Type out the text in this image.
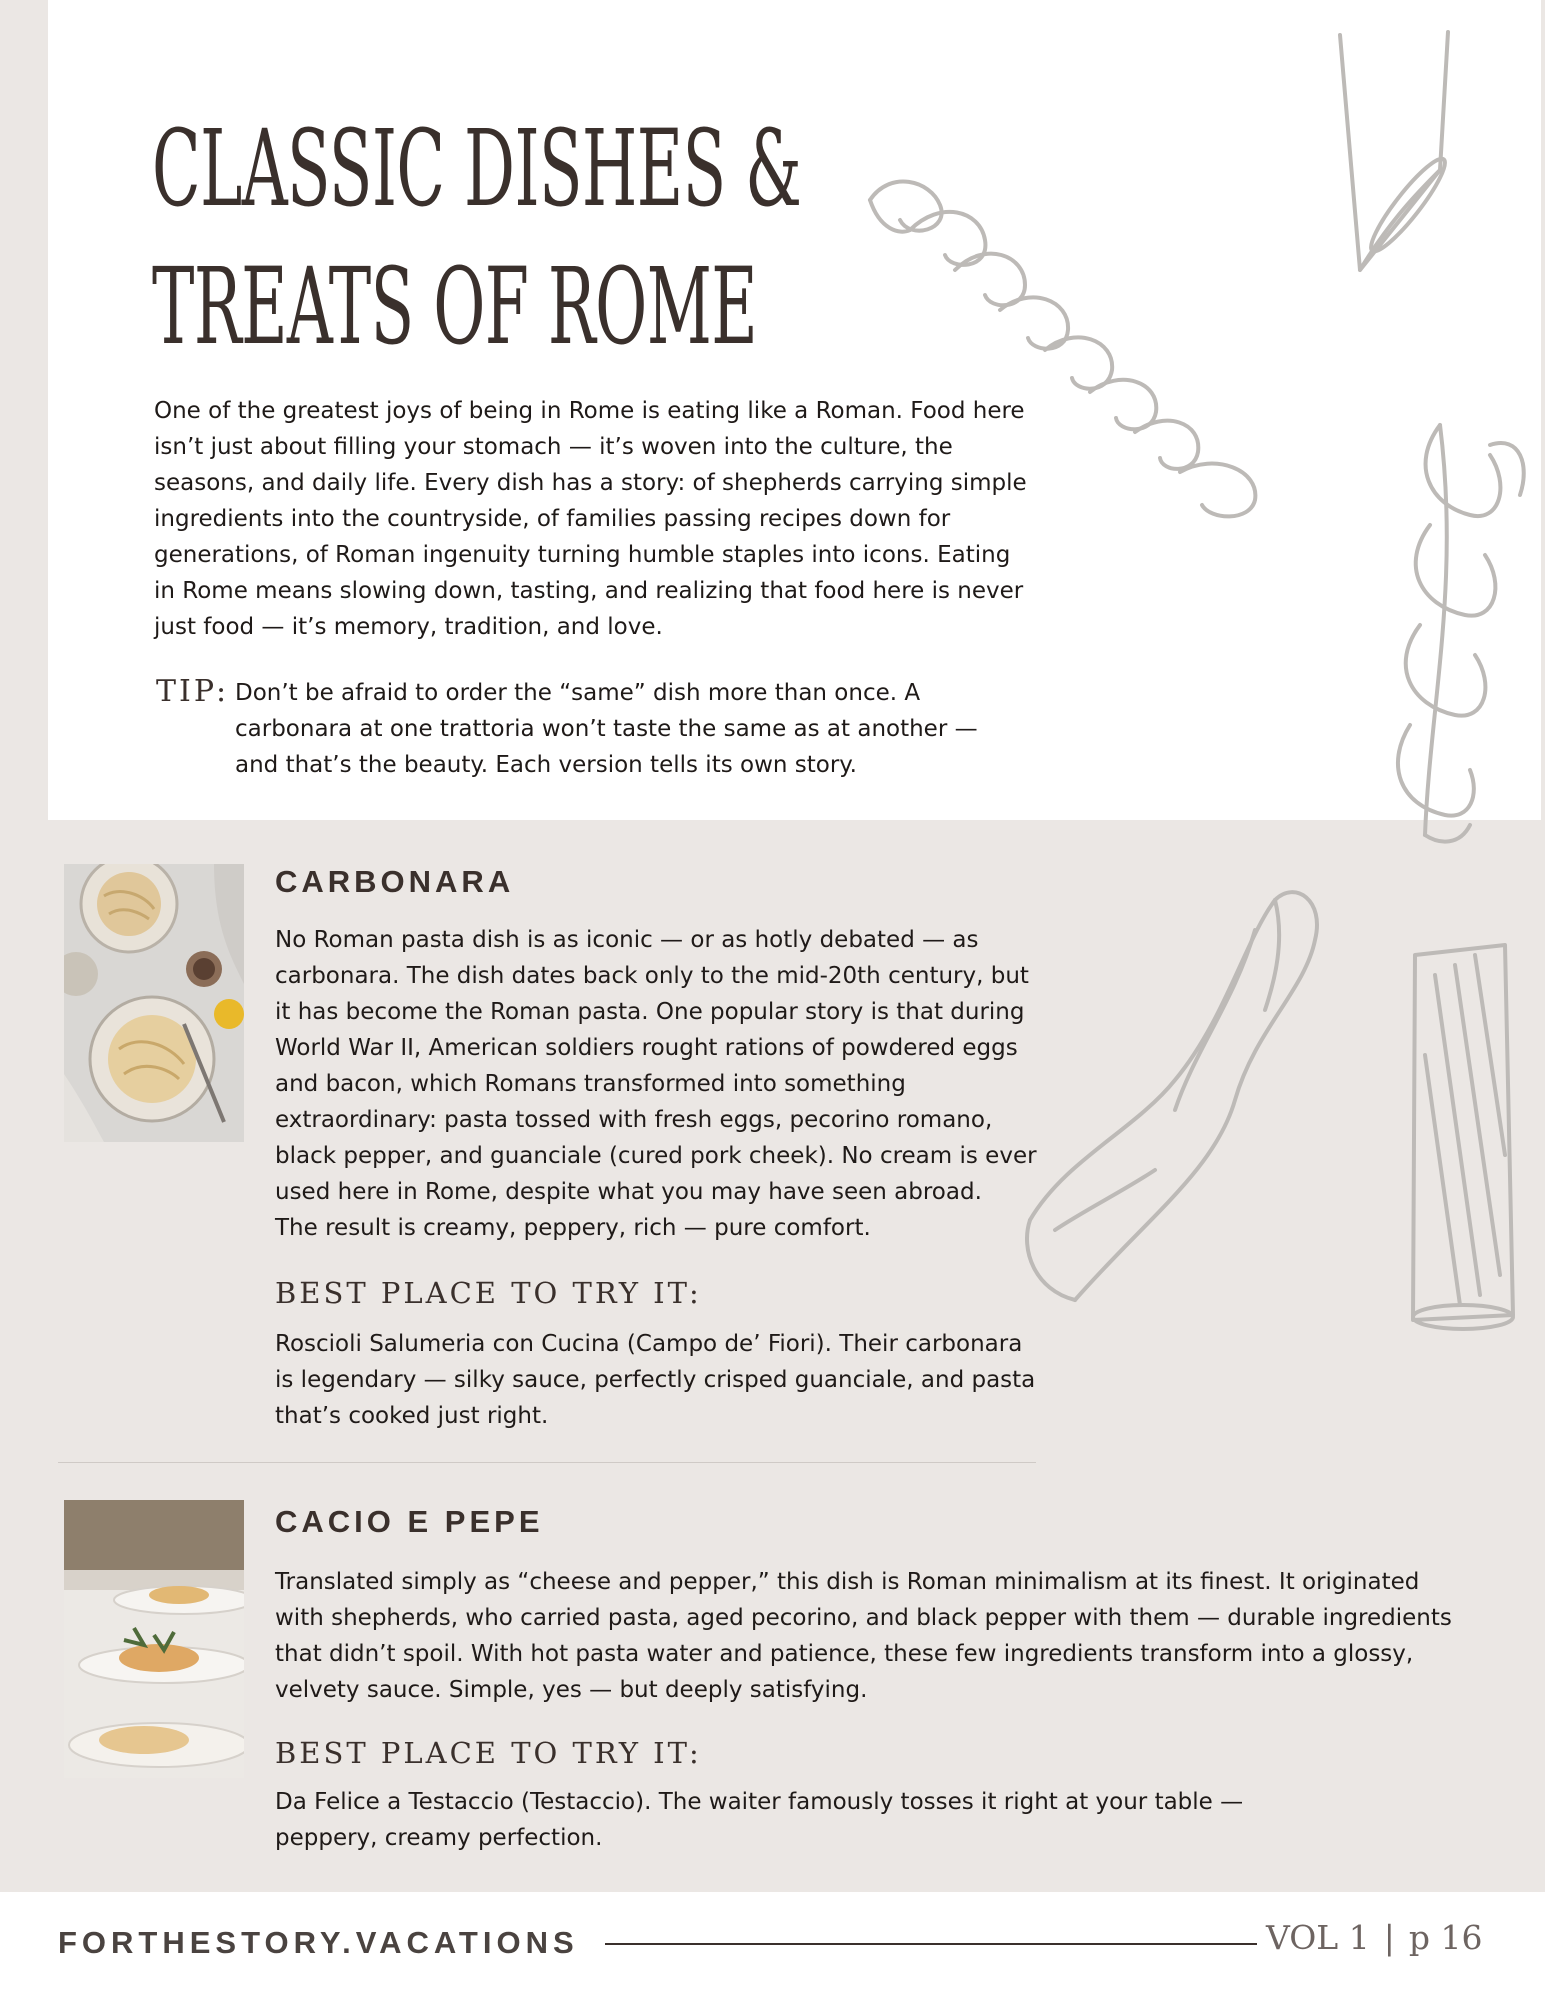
CLASSIC DISHES &
TREATS OF ROME

One of the greatest joys of being in Rome is eating like a Roman. Food here
isn’t just about filling your stomach — it’s woven into the culture, the
seasons, and daily life. Every dish has a story: of shepherds carrying simple
ingredients into the countryside, of families passing recipes down for
generations, of Roman ingenuity turning humble staples into icons. Eating
in Rome means slowing down, tasting, and realizing that food here is never
just food — it’s memory, tradition, and love.

TIP: Don’t be afraid to order the “same” dish more than once. A
carbonara at one trattoria won’t taste the same as at another —
and that’s the beauty. Each version tells its own story.

CARBONARA

No Roman pasta dish is as iconic — or as hotly debated — as
carbonara. The dish dates back only to the mid-20th century, but
it has become the Roman pasta. One popular story is that during
World War II, American soldiers rought rations of powdered eggs
and bacon, which Romans transformed into something
extraordinary: pasta tossed with fresh eggs, pecorino romano,
black pepper, and guanciale (cured pork cheek). No cream is ever
used here in Rome, despite what you may have seen abroad.
The result is creamy, peppery, rich — pure comfort.

BEST PLACE TO TRY IT:

Roscioli Salumeria con Cucina (Campo de’ Fiori). Their carbonara
is legendary — silky sauce, perfectly crisped guanciale, and pasta
that’s cooked just right.

CACIO E PEPE

Translated simply as “cheese and pepper,” this dish is Roman minimalism at its finest. It originated
with shepherds, who carried pasta, aged pecorino, and black pepper with them — durable ingredients
that didn’t spoil. With hot pasta water and patience, these few ingredients transform into a glossy,
velvety sauce. Simple, yes — but deeply satisfying.

BEST PLACE TO TRY IT:

Da Felice a Testaccio (Testaccio). The waiter famously tosses it right at your table —
peppery, creamy perfection.

FORTHESTORY.VACATIONS	VOL 1 | p 16
